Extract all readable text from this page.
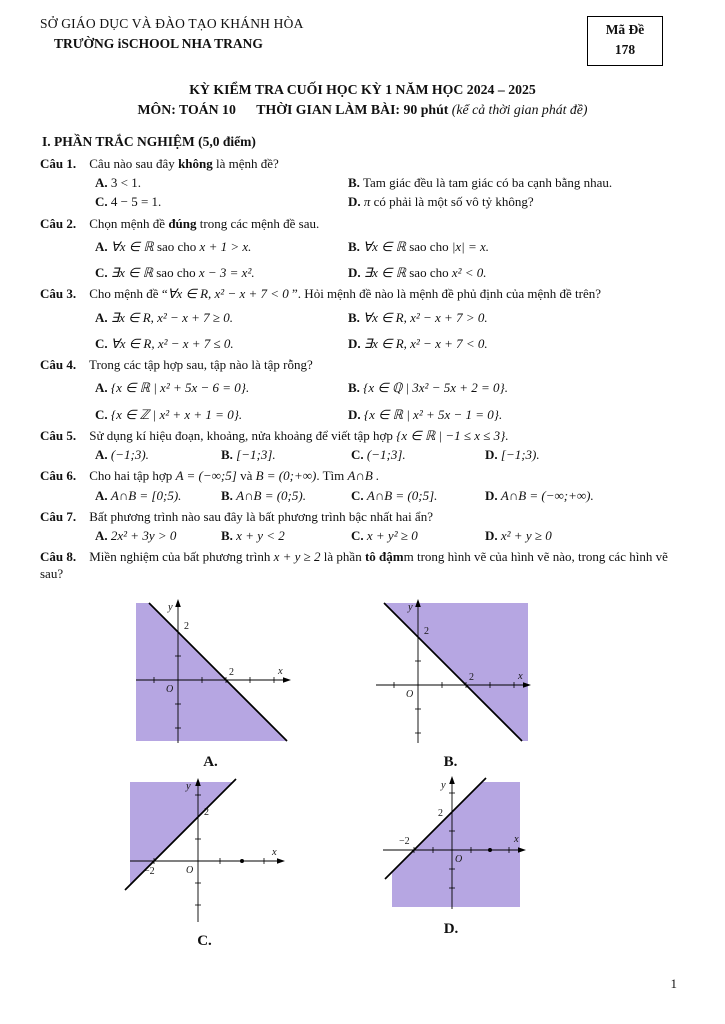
SỞ GIÁO DỤC VÀ ĐÀO TẠO KHÁNH HÒA
TRƯỜNG iSCHOOL NHA TRANG
Mã Đề
178
KỲ KIỂM TRA CUỐI HỌC KỲ 1 NĂM HỌC 2024 – 2025
MÔN: TOÁN 10      THỜI GIAN LÀM BÀI: 90 phút (kể cả thời gian phát đề)
I. PHẦN TRẮC NGHIỆM (5,0 điểm)
Câu 1. Câu nào sau đây không là mệnh đề?
A. 3 < 1.	B. Tam giác đều là tam giác có ba cạnh bằng nhau.
C. 4 − 5 = 1.	D. π có phải là một số vô tỷ không?
Câu 2. Chọn mệnh đề đúng trong các mệnh đề sau.
A. ∀x ∈ ℝ sao cho x + 1 > x.	B. ∀x ∈ ℝ sao cho |x| = x.
C. ∃x ∈ ℝ sao cho x − 3 = x².	D. ∃x ∈ ℝ sao cho x² < 0.
Câu 3. Cho mệnh đề “∀x ∈ R, x² − x + 7 < 0 ”. Hỏi mệnh đề nào là mệnh đề phủ định của mệnh đề trên?
A. ∃x ∈ R, x² − x + 7 ≥ 0.	B. ∀x ∈ R, x² − x + 7 > 0.
C. ∀x ∈ R, x² − x + 7 ≤ 0.	D. ∃x ∈ R, x² − x + 7 < 0.
Câu 4. Trong các tập hợp sau, tập nào là tập rỗng?
A. {x ∈ ℝ | x² + 5x − 6 = 0}.	B. {x ∈ ℚ | 3x² − 5x + 2 = 0}.
C. {x ∈ ℤ | x² + x + 1 = 0}.	D. {x ∈ ℝ | x² + 5x − 1 = 0}.
Câu 5. Sử dụng kí hiệu đoạn, khoảng, nửa khoảng để viết tập hợp {x ∈ ℝ | −1 ≤ x ≤ 3}.
A. (−1;3).	B. [−1;3].	C. (−1;3].	D. [−1;3).
Câu 6. Cho hai tập hợp A = (−∞;5] và B = (0;+∞). Tìm A∩B .
A. A∩B = [0;5).	B. A∩B = (0;5).	C. A∩B = (0;5].	D. A∩B = (−∞;+∞).
Câu 7. Bất phương trình nào sau đây là bất phương trình bậc nhất hai ẩn?
A. 2x² + 3y > 0	B. x + y < 2	C. x + y² ≥ 0	D. x² + y ≥ 0
Câu 8. Miền nghiệm của bất phương trình x + y ≥ 2 là phần tô đậmm trong hình vẽ của hình vẽ nào, trong các hình vẽ sau?
2
2
O
x
y
A.
2
2
O
x
y
B.
−2
2
O
x
y
C.
2
−2
O
x
y
D.
1
